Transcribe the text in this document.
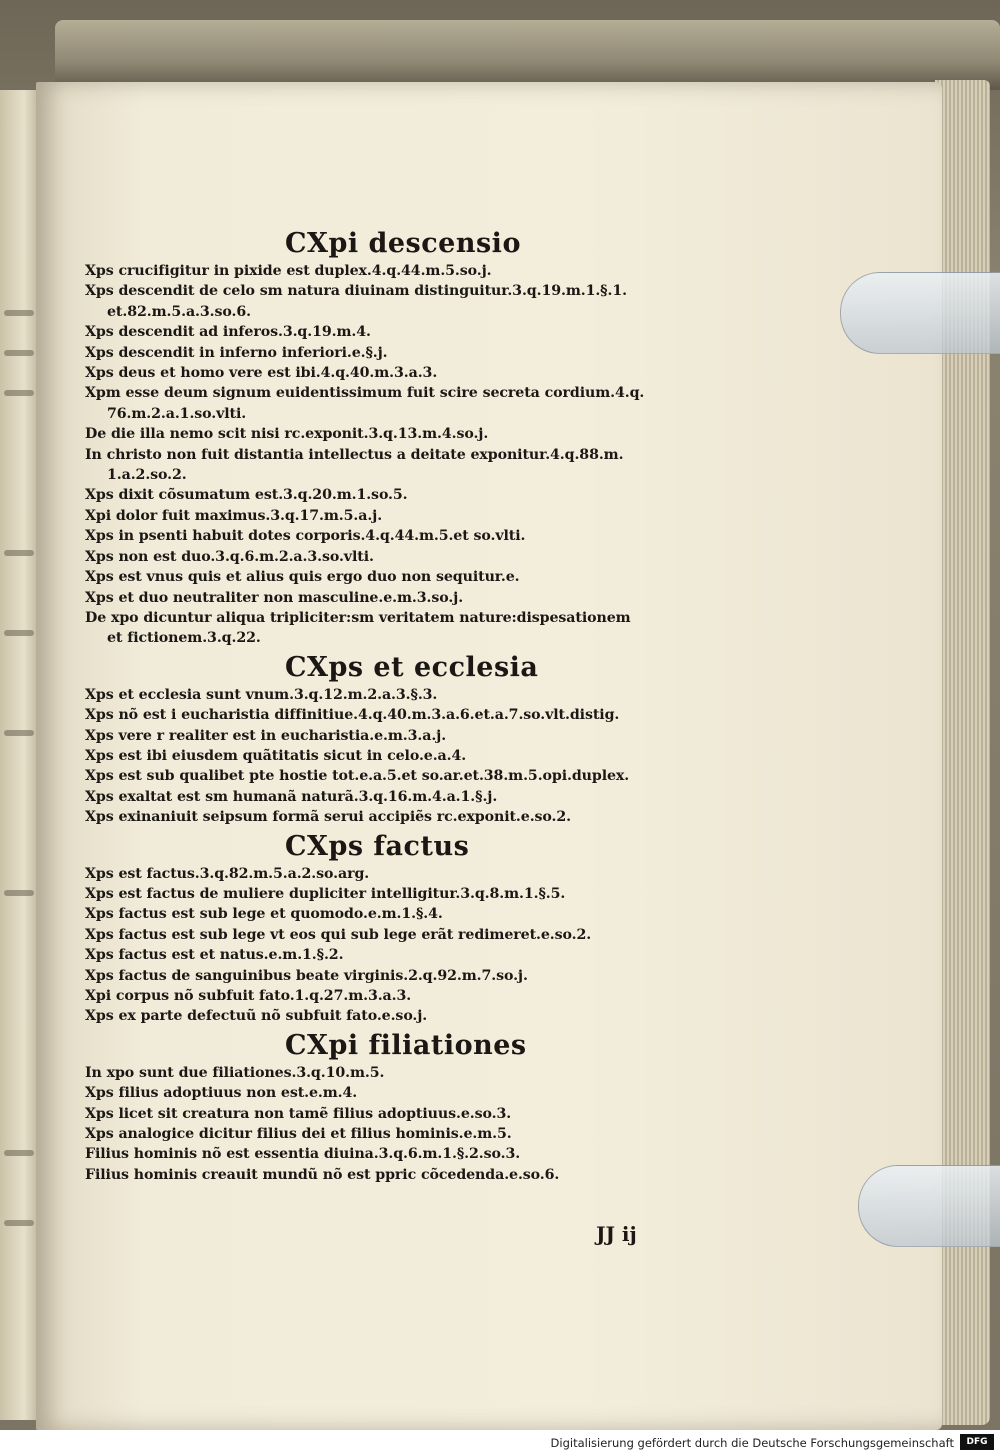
CXpi descensio
Xps crucifigitur in pixide est duplex.4.q.44.m.5.so.j.
Xps descendit de celo sm natura diuinam distinguitur.3.q.19.m.1.§.1.
et.82.m.5.a.3.so.6.
Xps descendit ad inferos.3.q.19.m.4.
Xps descendit in inferno inferiori.e.§.j.
Xps deus et homo vere est ibi.4.q.40.m.3.a.3.
Xpm esse deum signum euidentissimum fuit scire secreta cordium.4.q.
76.m.2.a.1.so.vlti.
De die illa nemo scit nisi rc.exponit.3.q.13.m.4.so.j.
In christo non fuit distantia intellectus a deitate exponitur.4.q.88.m.
1.a.2.so.2.
Xps dixit cõsumatum est.3.q.20.m.1.so.5.
Xpi dolor fuit maximus.3.q.17.m.5.a.j.
Xps in psenti habuit dotes corporis.4.q.44.m.5.et so.vlti.
Xps non est duo.3.q.6.m.2.a.3.so.vlti.
Xps est vnus quis et alius quis ergo duo non sequitur.e.
Xps et duo neutraliter non masculine.e.m.3.so.j.
De xpo dicuntur aliqua tripliciter:sm veritatem nature:dispesationem
et fictionem.3.q.22.
CXps et ecclesia
Xps et ecclesia sunt vnum.3.q.12.m.2.a.3.§.3.
Xps nõ est i eucharistia diffinitiue.4.q.40.m.3.a.6.et.a.7.so.vlt.distig.
Xps vere r realiter est in eucharistia.e.m.3.a.j.
Xps est ibi eiusdem quãtitatis sicut in celo.e.a.4.
Xps est sub qualibet pte hostie tot.e.a.5.et so.ar.et.38.m.5.opi.duplex.
Xps exaltat est sm humanã naturã.3.q.16.m.4.a.1.§.j.
Xps exinaniuit seipsum formã serui accipiẽs rc.exponit.e.so.2.
CXps factus
Xps est factus.3.q.82.m.5.a.2.so.arg.
Xps est factus de muliere dupliciter intelligitur.3.q.8.m.1.§.5.
Xps factus est sub lege et quomodo.e.m.1.§.4.
Xps factus est sub lege vt eos qui sub lege erãt redimeret.e.so.2.
Xps factus est et natus.e.m.1.§.2.
Xps factus de sanguinibus beate virginis.2.q.92.m.7.so.j.
Xpi corpus nõ subfuit fato.1.q.27.m.3.a.3.
Xps ex parte defectuũ nõ subfuit fato.e.so.j.
CXpi filiationes
In xpo sunt due filiationes.3.q.10.m.5.
Xps filius adoptiuus non est.e.m.4.
Xps licet sit creatura non tamẽ filius adoptiuus.e.so.3.
Xps analogice dicitur filius dei et filius hominis.e.m.5.
Filius hominis nõ est essentia diuina.3.q.6.m.1.§.2.so.3.
Filius hominis creauit mundũ nõ est ppric cõcedenda.e.so.6.
JJ ij
Digitalisierung gefördert durch die Deutsche Forschungsgemeinschaft	DFG
